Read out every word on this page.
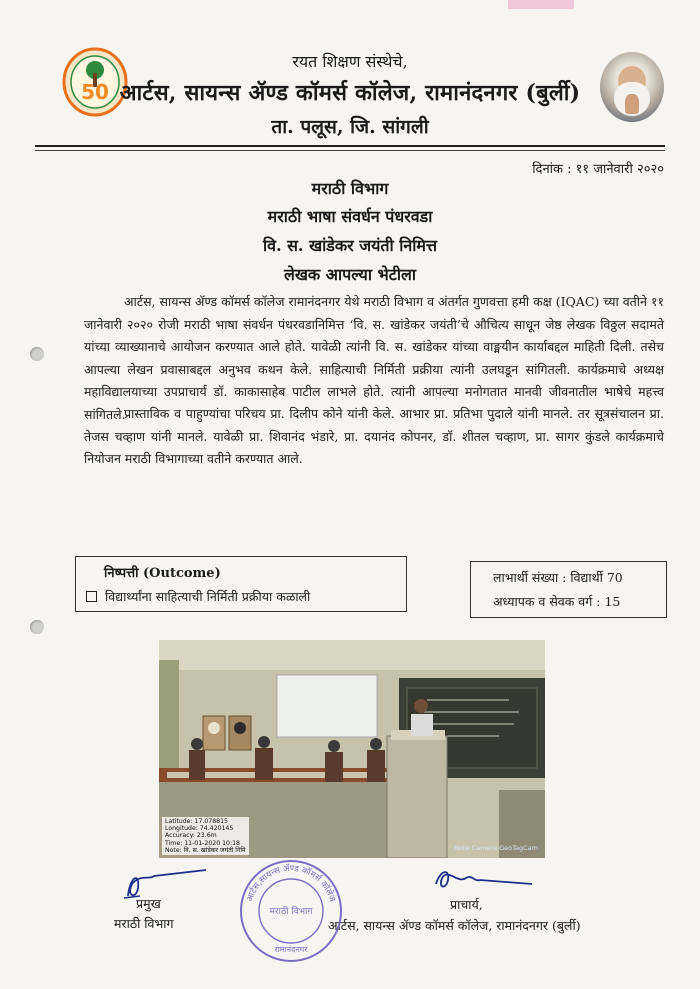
50
रयत शिक्षण संस्थेचे,
आर्टस, सायन्स ॲण्ड कॉमर्स कॉलेज, रामानंदनगर (बुर्ली)
ता. पलूस, जि. सांगली
दिनांक : ११ जानेवारी २०२०
मराठी विभाग
मराठी भाषा संवर्धन पंधरवडा
वि. स. खांडेकर जयंती निमित्त
लेखक आपल्या भेटीला
आर्टस, सायन्स ॲण्ड कॉमर्स कॉलेज रामानंदनगर येथे मराठी विभाग व अंतर्गत गुणवत्ता हमी कक्ष (IQAC) च्या वतीने ११ जानेवारी २०२० रोजी मराठी भाषा संवर्धन पंधरवडानिमित्त ‘वि. स. खांडेकर जयंती’चे औचित्य साधून जेष्ठ लेखक विठ्ठल सदामते यांच्या व्याख्यानाचे आयोजन करण्यात आले होते. यावेळी त्यांनी वि. स. खांडेकर यांच्या वाङ्मयीन कार्याबद्दल माहिती दिली. तसेच आपल्या लेखन प्रवासाबद्दल अनुभव कथन केले. साहित्याची निर्मिती प्रक्रीया त्यांनी उलघडून सांगितली. कार्यक्रमाचे अध्यक्ष महाविद्यालयाच्या उपप्राचार्य डॉ. काकासाहेब पाटील लाभले होते. त्यांनी आपल्या मनोगतात मानवी जीवनातील भाषेचे महत्त्व सांगितले.
प्रास्ताविक व पाहुण्यांचा परिचय प्रा. दिलीप कोने यांनी केले. आभार प्रा. प्रतिभा पुदाले यांनी मानले. तर सूत्रसंचालन प्रा. तेजस चव्हाण यांनी मानले. यावेळी प्रा. शिवानंद भंडारे, प्रा. दयानंद कोपनर, डॉ. शीतल चव्हाण, प्रा. सागर कुंडले कार्यक्रमाचे नियोजन मराठी विभागाच्या वतीने करण्यात आले.
निष्पत्ती (Outcome)
विद्यार्थ्यांना साहित्याची निर्मिती प्रक्रीया कळाली
लाभार्थी संख्या : विद्यार्थी 70
अध्यापक व सेवक वर्ग : 15
Latitude: 17.078815
Longitude: 74.420145
Accuracy: 23.6m
Time: 11-01-2020 10:18
Note: वि. स. खांडेकर जयंती निमि	Note Camera GeoTagCam
प्रमुख
मराठी विभाग
प्राचार्य,
आर्टस, सायन्स ॲण्ड कॉमर्स कॉलेज, रामानंदनगर (बुर्ली)
आर्टस,सायन्स ॲण्ड कॉमर्स कॉलेज
मराठी विभाग
रामानंदनगर
